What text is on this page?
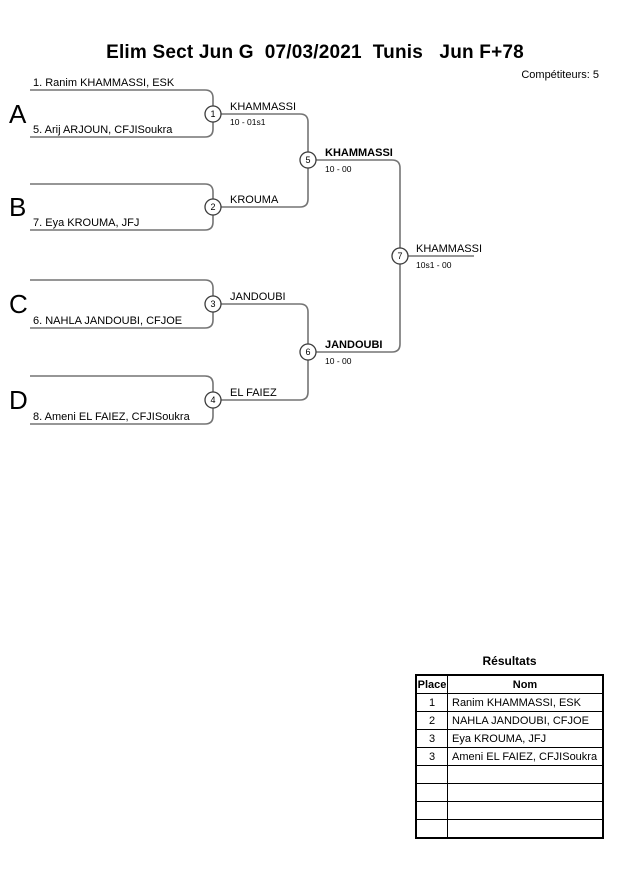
Elim Sect Jun G  07/03/2021  Tunis   Jun F+78
Compétiteurs: 5
1
2
3
4
5
6
7
A
B
C
D
1. Ranim KHAMMASSI, ESK
5. Arij ARJOUN, CFJISoukra
7. Eya KROUMA, JFJ
6. NAHLA JANDOUBI, CFJOE
8. Ameni EL FAIEZ, CFJISoukra
KHAMMASSI
10 - 01s1
KROUMA
JANDOUBI
EL FAIEZ
KHAMMASSI
10 - 00
JANDOUBI
10 - 00
KHAMMASSI
10s1 - 00
Résultats
Place	Nom
1	Ranim KHAMMASSI, ESK
2	NAHLA JANDOUBI, CFJOE
3	Eya KROUMA, JFJ
3	Ameni EL FAIEZ, CFJISoukra
